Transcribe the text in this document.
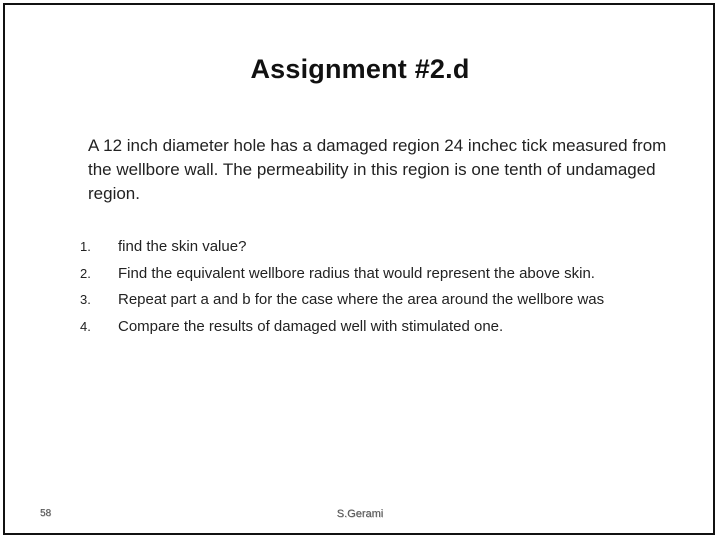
Assignment #2.d
A 12 inch diameter hole has a damaged region 24 inchec tick measured from the wellbore wall. The permeability in this region is one tenth of undamaged region.
1. find the skin value?
2. Find the equivalent wellbore radius that would represent the above skin.
3. Repeat part a and b for the case where the area around the wellbore was
4. Compare the results of damaged well with stimulated one.
58	S.Gerami
